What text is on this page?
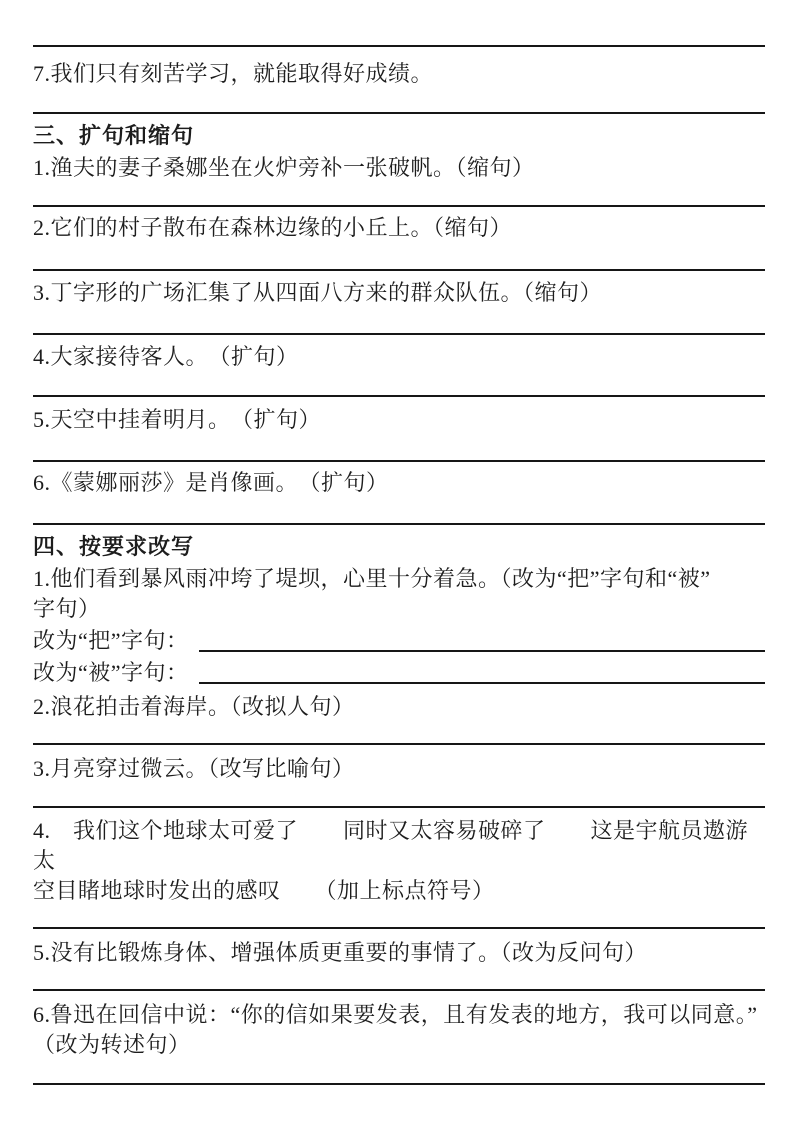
7.我们只有刻苦学习，就能取得好成绩。
三、扩句和缩句
1.渔夫的妻子桑娜坐在火炉旁补一张破帆。（缩句）
2.它们的村子散布在森林边缘的小丘上。（缩句）
3.丁字形的广场汇集了从四面八方来的群众队伍。（缩句）
4.大家接待客人。　（扩句）
5.天空中挂着明月。　（扩句）
6.《蒙娜丽莎》是肖像画。　（扩句）
四、按要求改写
1.他们看到暴风雨冲垮了堤坝，心里十分着急。（改为“把”字句和“被”
字句）
改为“把”字句：
改为“被”字句：
2.浪花拍击着海岸。（改拟人句）
3.月亮穿过微云。（改写比喻句）
4.　我们这个地球太可爱了　　同时又太容易破碎了　　这是宇航员遨游太
空目睹地球时发出的感叹　　（加上标点符号）
5.没有比锻炼身体、增强体质更重要的事情了。（改为反问句）
6.鲁迅在回信中说：“你的信如果要发表，且有发表的地方，我可以同意。”
（改为转述句）
